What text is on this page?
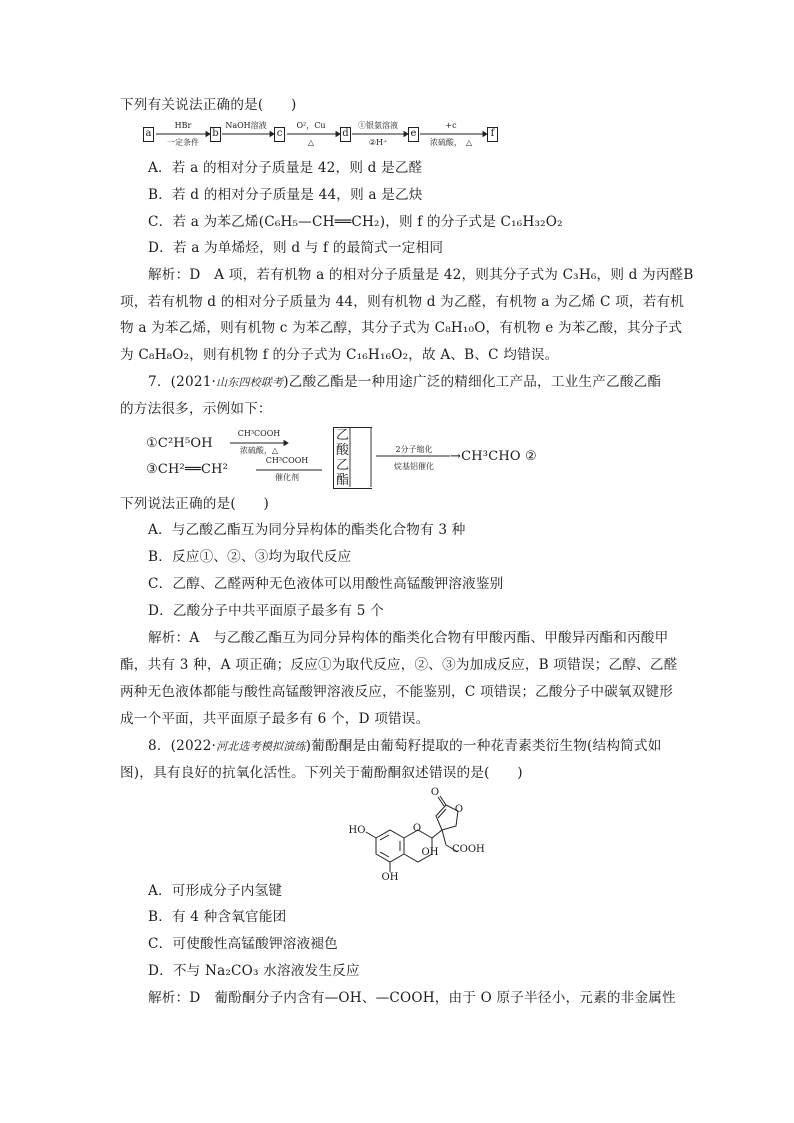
下列有关说法正确的是(　　)
a
HBr
一定条件
b
NaOH溶液
c
O²，Cu
△
d
①银氨溶液
②H⁺
e
+c
浓硫酸，　△
f
A．若 a 的相对分子质量是 42，则 d 是乙醛
B．若 d 的相对分子质量是 44，则 a 是乙炔
C．若 a 为苯乙烯(C₆H₅—CH══CH₂)，则 f 的分子式是 C₁₆H₃₂O₂
D．若 a 为单烯烃，则 d 与 f 的最简式一定相同
解析：D　A 项，若有机物 a 的相对分子质量是 42，则其分子式为 C₃H₆，则 d 为丙醛B
项，若有机物 d 的相对分子质量为 44，则有机物 d 为乙醛，有机物 a 为乙烯 C 项，若有机
物 a 为苯乙烯，则有机物 c 为苯乙醇，其分子式为 C₈H₁₀O，有机物 e 为苯乙酸，其分子式
为 C₈H₈O₂，则有机物 f 的分子式为 C₁₆H₁₆O₂，故 A、B、C 均错误。
7．(2021·山东四校联考)乙酸乙酯是一种用途广泛的精细化工产品，工业生产乙酸乙酯
的方法很多，示例如下：
①C²H⁵OH
CH³COOH
浓硫酸，△
③CH²══CH²
CH³COOH
催化剂
乙
酸
乙
酯
2分子缩化
烷基铝催化
→CH³CHO ②
下列说法正确的是(　　)
A．与乙酸乙酯互为同分异构体的酯类化合物有 3 种
B．反应①、②、③均为取代反应
C．乙醇、乙醛两种无色液体可以用酸性高锰酸钾溶液鉴别
D．乙酸分子中共平面原子最多有 5 个
解析：A　与乙酸乙酯互为同分异构体的酯类化合物有甲酸丙酯、甲酸异丙酯和丙酸甲
酯，共有 3 种，A 项正确；反应①为取代反应，②、③为加成反应，B 项错误；乙醇、乙醛
两种无色液体都能与酸性高锰酸钾溶液反应，不能鉴别，C 项错误；乙酸分子中碳氧双键形
成一个平面，共平面原子最多有 6 个，D 项错误。
8．(2022·河北选考模拟演练)葡酚酮是由葡萄籽提取的一种花青素类衍生物(结构简式如
图)，具有良好的抗氧化活性。下列关于葡酚酮叙述错误的是(　　)
O
O
HO	O
OH COOH
OH
A．可形成分子内氢键
B．有 4 种含氧官能团
C．可使酸性高锰酸钾溶液褪色
D．不与 Na₂CO₃ 水溶液发生反应
解析：D　葡酚酮分子内含有—OH、—COOH，由于 O 原子半径小，元素的非金属性
